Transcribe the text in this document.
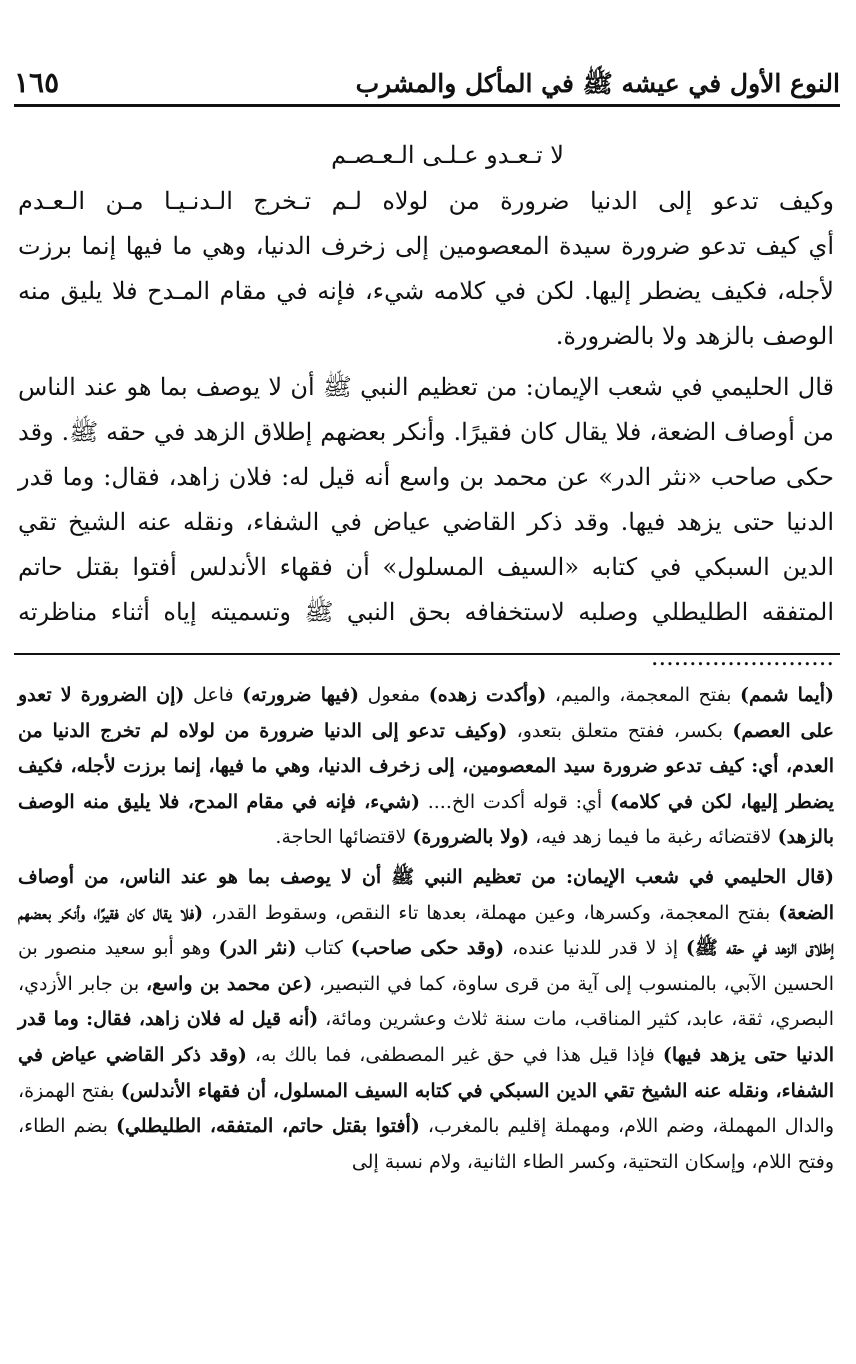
النوع الأول في عيشه ﷺ في المأكل والمشرب
١٦٥
لا تـعـدو عـلـى الـعـصـم
وكيف تدعو إلى الدنيا ضرورة من لولاه لـم تـخرج الـدنـيـا مـن الـعـدم

أي كيف تدعو ضرورة سيدة المعصومين إلى زخرف الدنيا، وهي ما فيها إنما برزت لأجله، فكيف يضطر إليها. لكن في كلامه شيء، فإنه في مقام المـدح فلا يليق منه الوصف بالزهد ولا بالضرورة.

قال الحليمي في شعب الإيمان: من تعظيم النبي ﷺ أن لا يوصف بما هو عند الناس من أوصاف الضعة، فلا يقال كان فقيرًا. وأنكر بعضهم إطلاق الزهد في حقه ﷺ. وقد حكى صاحب «نثر الدر» عن محمد بن واسع أنه قيل له: فلان زاهد، فقال: وما قدر الدنيا حتى يزهد فيها. وقد ذكر القاضي عياض في الشفاء، ونقله عنه الشيخ تقي الدين السبكي في كتابه «السيف المسلول» أن فقهاء الأندلس أفتوا بقتل حاتم المتفقه الطليطلي وصلبه لاستخفافه بحق النبي ﷺ وتسميته إياه أثناء مناظرته ........................

(أيما شمم) بفتح المعجمة، والميم، (وأكدت زهده) مفعول (فيها ضرورته) فاعل (إن الضرورة لا تعدو على العصم) بكسر، ففتح متعلق بتعدو، (وكيف تدعو إلى الدنيا ضرورة من لولاه لم تخرج الدنيا من العدم، أي: كيف تدعو ضرورة سيد المعصومين، إلى زخرف الدنيا، وهي ما فيها، إنما برزت لأجله، فكيف يضطر إليها، لكن في كلامه) أي: قوله أكدت الخ.... (شيء، فإنه في مقام المدح، فلا يليق منه الوصف بالزهد) لاقتضائه رغبة ما فيما زهد فيه، (ولا بالضرورة) لاقتضائها الحاجة.

(قال الحليمي في شعب الإيمان: من تعظيم النبي ﷺ أن لا يوصف بما هو عند الناس، من أوصاف الضعة) بفتح المعجمة، وكسرها، وعين مهملة، بعدها تاء النقص، وسقوط القدر، (فلا يقال كان فقيرًا، وأنكر بعضهم إطلاق الزهد في حقه ﷺ) إذ لا قدر للدنيا عنده، (وقد حكى صاحب) كتاب (نثر الدر) وهو أبو سعيد منصور بن الحسين الآبي، بالمنسوب إلى آية من قرى ساوة، كما في التبصير، (عن محمد بن واسع، بن جابر الأزدي، البصري، ثقة، عابد، كثير المناقب، مات سنة ثلاث وعشرين ومائة، (أنه قيل له فلان زاهد، فقال: وما قدر الدنيا حتى يزهد فيها) فإذا قيل هذا في حق غير المصطفى، فما بالك به، (وقد ذكر القاضي عياض في الشفاء، ونقله عنه الشيخ تقي الدين السبكي في كتابه السيف المسلول، أن فقهاء الأندلس) بفتح الهمزة، والدال المهملة، وضم اللام، ومهملة إقليم بالمغرب، (أفتوا بقتل حاتم، المتفقه، الطليطلي) بضم الطاء، وفتح اللام، وإسكان التحتية، وكسر الطاء الثانية، ولام نسبة إلى
